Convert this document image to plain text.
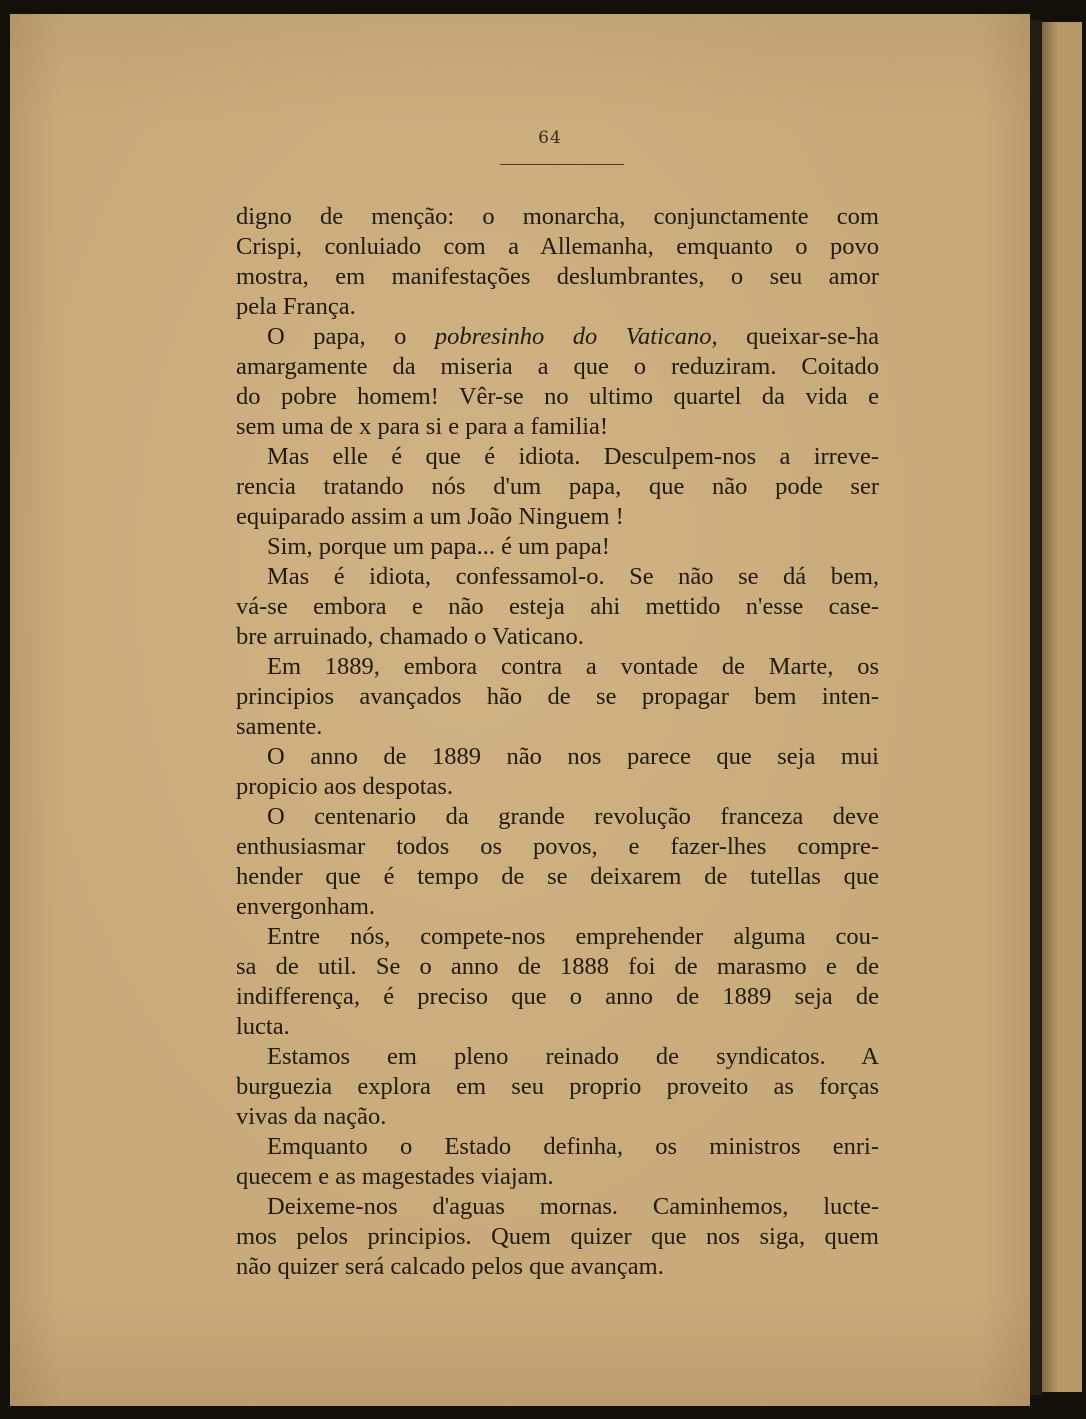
64
digno de menção: o monarcha, conjunctamente com
Crispi, conluiado com a Allemanha, emquanto o povo
mostra, em manifestações deslumbrantes, o seu amor
pela França.
O papa, o pobresinho do Vaticano, queixar-se-ha
amargamente da miseria a que o reduziram. Coitado
do pobre homem! Vêr-se no ultimo quartel da vida e
sem uma de x para si e para a familia!
Mas elle é que é idiota. Desculpem-nos a irreve-
rencia tratando nós d'um papa, que não pode ser
equiparado assim a um João Ninguem !
Sim, porque um papa... é um papa!
Mas é idiota, confessamol-o. Se não se dá bem,
vá-se embora e não esteja ahi mettido n'esse case-
bre arruinado, chamado o Vaticano.
Em 1889, embora contra a vontade de Marte, os
principios avançados hão de se propagar bem inten-
samente.
O anno de 1889 não nos parece que seja mui
propicio aos despotas.
O centenario da grande revolução franceza deve
enthusiasmar todos os povos, e fazer-lhes compre-
hender que é tempo de se deixarem de tutellas que
envergonham.
Entre nós, compete-nos emprehender alguma cou-
sa de util. Se o anno de 1888 foi de marasmo e de
indifferença, é preciso que o anno de 1889 seja de
lucta.
Estamos em pleno reinado de syndicatos. A
burguezia explora em seu proprio proveito as forças
vivas da nação.
Emquanto o Estado definha, os ministros enri-
quecem e as magestades viajam.
Deixeme-nos d'aguas mornas. Caminhemos, lucte-
mos pelos principios. Quem quizer que nos siga, quem
não quizer será calcado pelos que avançam.
